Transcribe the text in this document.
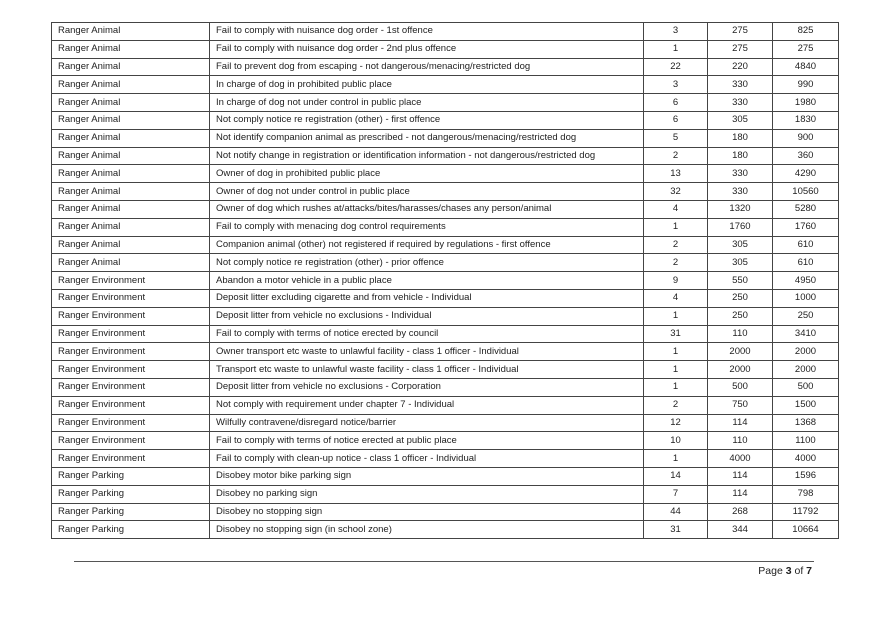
Ranger Animal	Fail to comply with nuisance dog order - 1st offence	3	275	825
Ranger Animal	Fail to comply with nuisance dog order - 2nd plus offence	1	275	275
Ranger Animal	Fail to prevent dog from escaping - not dangerous/menacing/restricted dog	22	220	4840
Ranger Animal	In charge of dog in prohibited public place	3	330	990
Ranger Animal	In charge of dog not under control in public place	6	330	1980
Ranger Animal	Not comply notice re registration (other) - first offence	6	305	1830
Ranger Animal	Not identify companion animal as prescribed - not dangerous/menacing/restricted dog	5	180	900
Ranger Animal	Not notify change in registration or identification information - not dangerous/restricted dog	2	180	360
Ranger Animal	Owner of dog in prohibited public place	13	330	4290
Ranger Animal	Owner of dog not under control in public place	32	330	10560
Ranger Animal	Owner of dog which rushes at/attacks/bites/harasses/chases any person/animal	4	1320	5280
Ranger Animal	Fail to comply with menacing dog control requirements	1	1760	1760
Ranger Animal	Companion animal (other) not registered if required by regulations - first offence	2	305	610
Ranger Animal	Not comply notice re registration (other) - prior offence	2	305	610
Ranger Environment	Abandon a motor vehicle in a public place	9	550	4950
Ranger Environment	Deposit litter excluding cigarette and from vehicle - Individual	4	250	1000
Ranger Environment	Deposit litter from vehicle no exclusions - Individual	1	250	250
Ranger Environment	Fail to comply with terms of notice erected by council	31	110	3410
Ranger Environment	Owner transport etc waste to unlawful facility - class 1 officer - Individual	1	2000	2000
Ranger Environment	Transport etc waste to unlawful waste facility - class 1 officer - Individual	1	2000	2000
Ranger Environment	Deposit litter from vehicle no exclusions - Corporation	1	500	500
Ranger Environment	Not comply with requirement under chapter 7 - Individual	2	750	1500
Ranger Environment	Wilfully contravene/disregard notice/barrier	12	114	1368
Ranger Environment	Fail to comply with terms of notice erected at public place	10	110	1100
Ranger Environment	Fail to comply with clean-up notice - class 1 officer - Individual	1	4000	4000
Ranger Parking	Disobey motor bike parking sign	14	114	1596
Ranger Parking	Disobey no parking sign	7	114	798
Ranger Parking	Disobey no stopping sign	44	268	11792
Ranger Parking	Disobey no stopping sign (in school zone)	31	344	10664
Page 3 of 7
